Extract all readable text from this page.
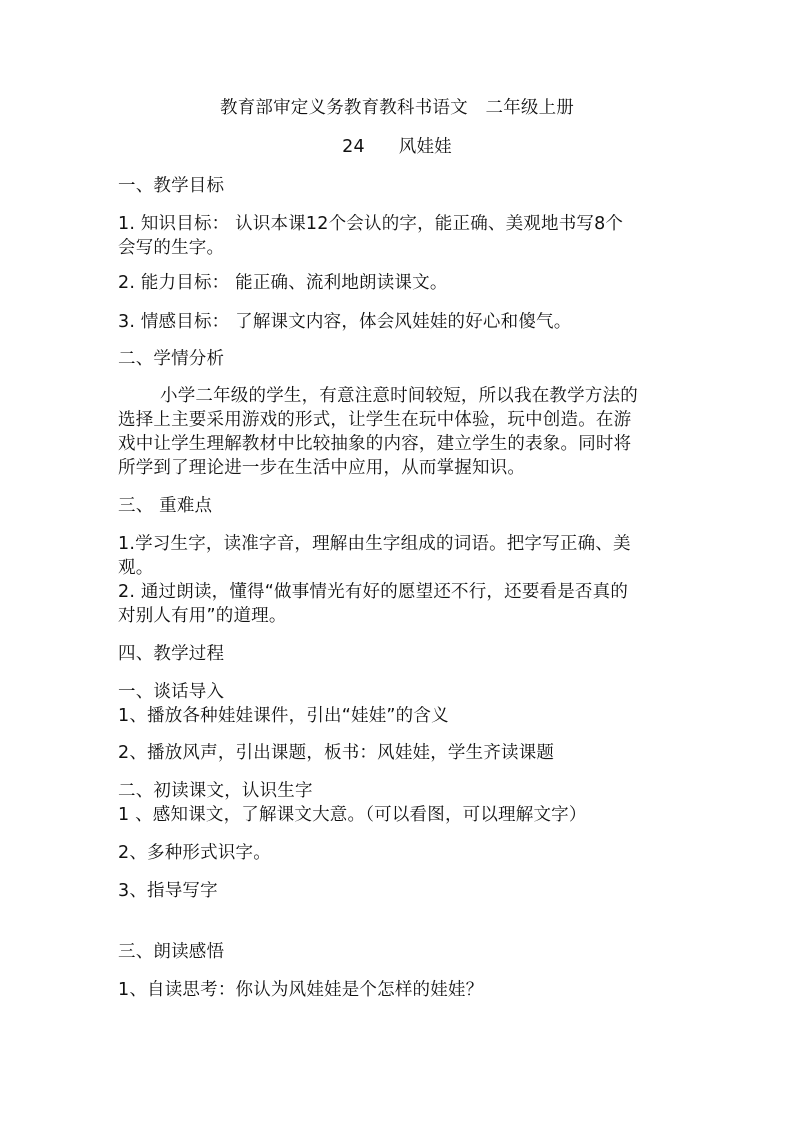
教育部审定义务教育教科书语文　二年级上册
24 风娃娃
一、教学目标
1. 知识目标： 认识本课12个会认的字，能正确、美观地书写8个
会写的生字。
2. 能力目标： 能正确、流利地朗读课文。
3. 情感目标： 了解课文内容，体会风娃娃的好心和傻气。
二、学情分析
小学二年级的学生，有意注意时间较短，所以我在教学方法的
选择上主要采用游戏的形式，让学生在玩中体验，玩中创造。在游
戏中让学生理解教材中比较抽象的内容，建立学生的表象。同时将
所学到了理论进一步在生活中应用，从而掌握知识。
三、 重难点
1.学习生字，读准字音，理解由生字组成的词语。把字写正确、美
观。
2. 通过朗读，懂得“做事情光有好的愿望还不行，还要看是否真的
对别人有用”的道理。
四、教学过程
一、谈话导入
1、播放各种娃娃课件，引出“娃娃”的含义
2、播放风声，引出课题，板书：风娃娃，学生齐读课题
二、初读课文，认识生字
1 、感知课文，了解课文大意。（可以看图，可以理解文字）
2、多种形式识字。
3、指导写字
三、朗读感悟
1、自读思考：你认为风娃娃是个怎样的娃娃？
